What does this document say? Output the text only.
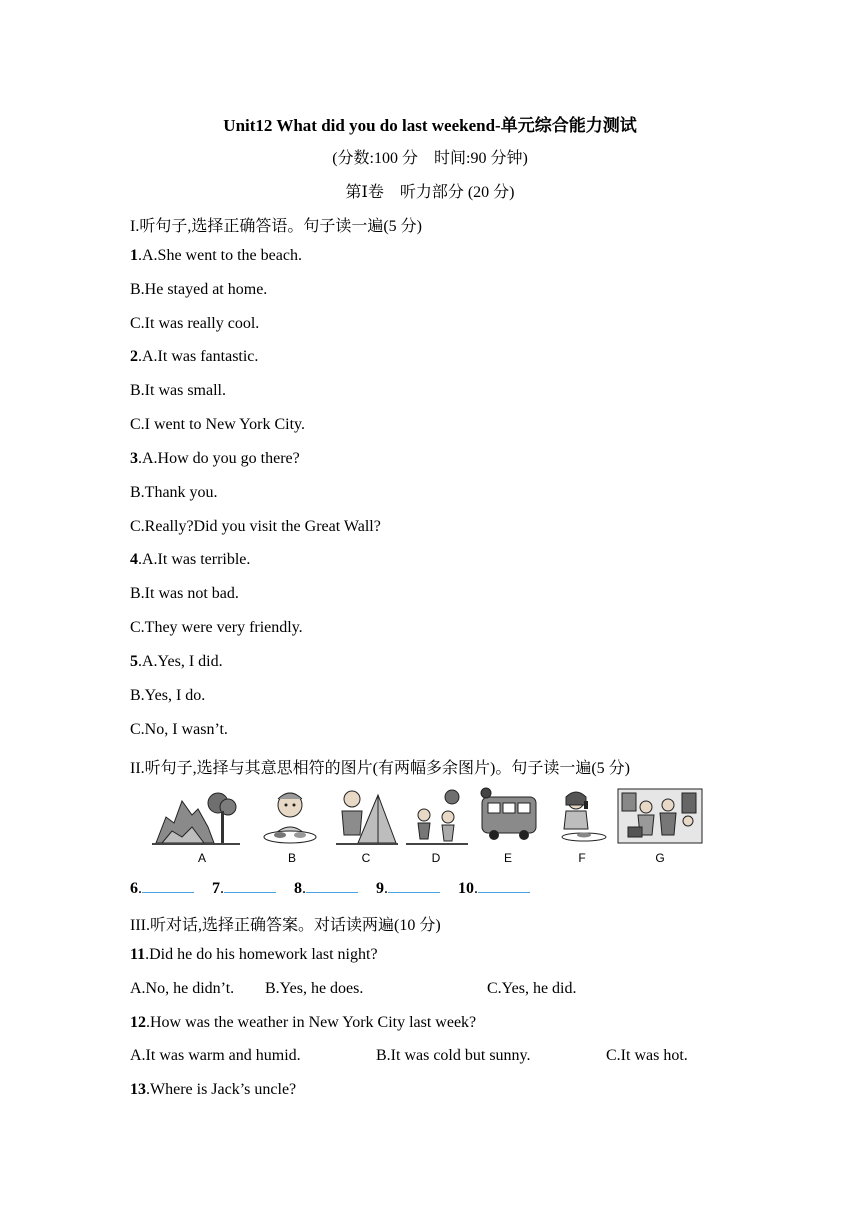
Unit12 What did you do last weekend-单元综合能力测试
(分数:100 分　时间:90 分钟)
第Ⅰ卷　听力部分 (20 分)
I.听句子,选择正确答语。句子读一遍(5 分)
1.A.She went to the beach.
B.He stayed at home.
C.It was really cool.
2.A.It was fantastic.
B.It was small.
C.I went to New York City.
3.A.How do you go there?
B.Thank you.
C.Really?Did you visit the Great Wall?
4.A.It was terrible.
B.It was not bad.
C.They were very friendly.
5.A.Yes, I did.
B.Yes, I do.
C.No, I wasn’t.
II.听句子,选择与其意思相符的图片(有两幅多余图片)。句子读一遍(5 分)
A	B	C	D	E	F	G
6.	7.	8.	9.	10.
III.听对话,选择正确答案。对话读两遍(10 分)
11.Did he do his homework last night?
A.No, he didn’t. B.Yes, he does.	C.Yes, he did.
12.How was the weather in New York City last week?
A.It was warm and humid.	B.It was cold but sunny.	C.It was hot.
13.Where is Jack’s uncle?
